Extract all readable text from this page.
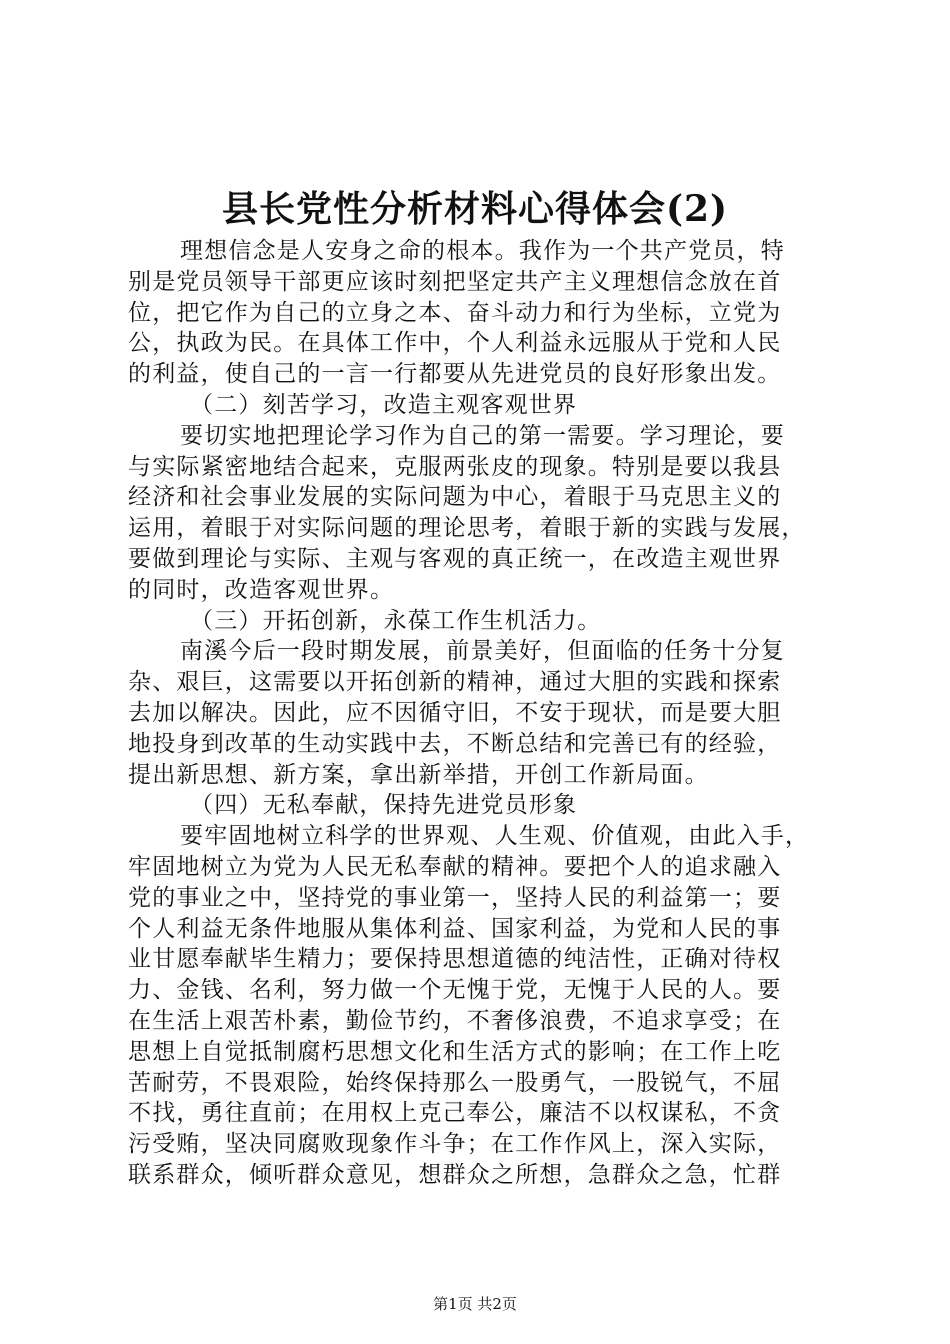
县长党性分析材料心得体会(2)
理想信念是人安身之命的根本。我作为一个共产党员，特
别是党员领导干部更应该时刻把坚定共产主义理想信念放在首
位，把它作为自己的立身之本、奋斗动力和行为坐标，立党为
公，执政为民。在具体工作中，个人利益永远服从于党和人民
的利益，使自己的一言一行都要从先进党员的良好形象出发。
（二）刻苦学习，改造主观客观世界
要切实地把理论学习作为自己的第一需要。学习理论，要
与实际紧密地结合起来，克服两张皮的现象。特别是要以我县
经济和社会事业发展的实际问题为中心，着眼于马克思主义的
运用，着眼于对实际问题的理论思考，着眼于新的实践与发展，
要做到理论与实际、主观与客观的真正统一，在改造主观世界
的同时，改造客观世界。
（三）开拓创新，永葆工作生机活力。
南溪今后一段时期发展，前景美好，但面临的任务十分复
杂、艰巨，这需要以开拓创新的精神，通过大胆的实践和探索
去加以解决。因此，应不因循守旧，不安于现状，而是要大胆
地投身到改革的生动实践中去，不断总结和完善已有的经验，
提出新思想、新方案，拿出新举措，开创工作新局面。
（四）无私奉献，保持先进党员形象
要牢固地树立科学的世界观、人生观、价值观，由此入手，
牢固地树立为党为人民无私奉献的精神。要把个人的追求融入
党的事业之中，坚持党的事业第一，坚持人民的利益第一；要
个人利益无条件地服从集体利益、国家利益，为党和人民的事
业甘愿奉献毕生精力；要保持思想道德的纯洁性，正确对待权
力、金钱、名利，努力做一个无愧于党，无愧于人民的人。要
在生活上艰苦朴素，勤俭节约，不奢侈浪费，不追求享受；在
思想上自觉抵制腐朽思想文化和生活方式的影响；在工作上吃
苦耐劳，不畏艰险，始终保持那么一股勇气，一股锐气，不屈
不找，勇往直前；在用权上克己奉公，廉洁不以权谋私，不贪
污受贿，坚决同腐败现象作斗争；在工作作风上，深入实际，
联系群众，倾听群众意见，想群众之所想，急群众之急，忙群
第1页 共2页
